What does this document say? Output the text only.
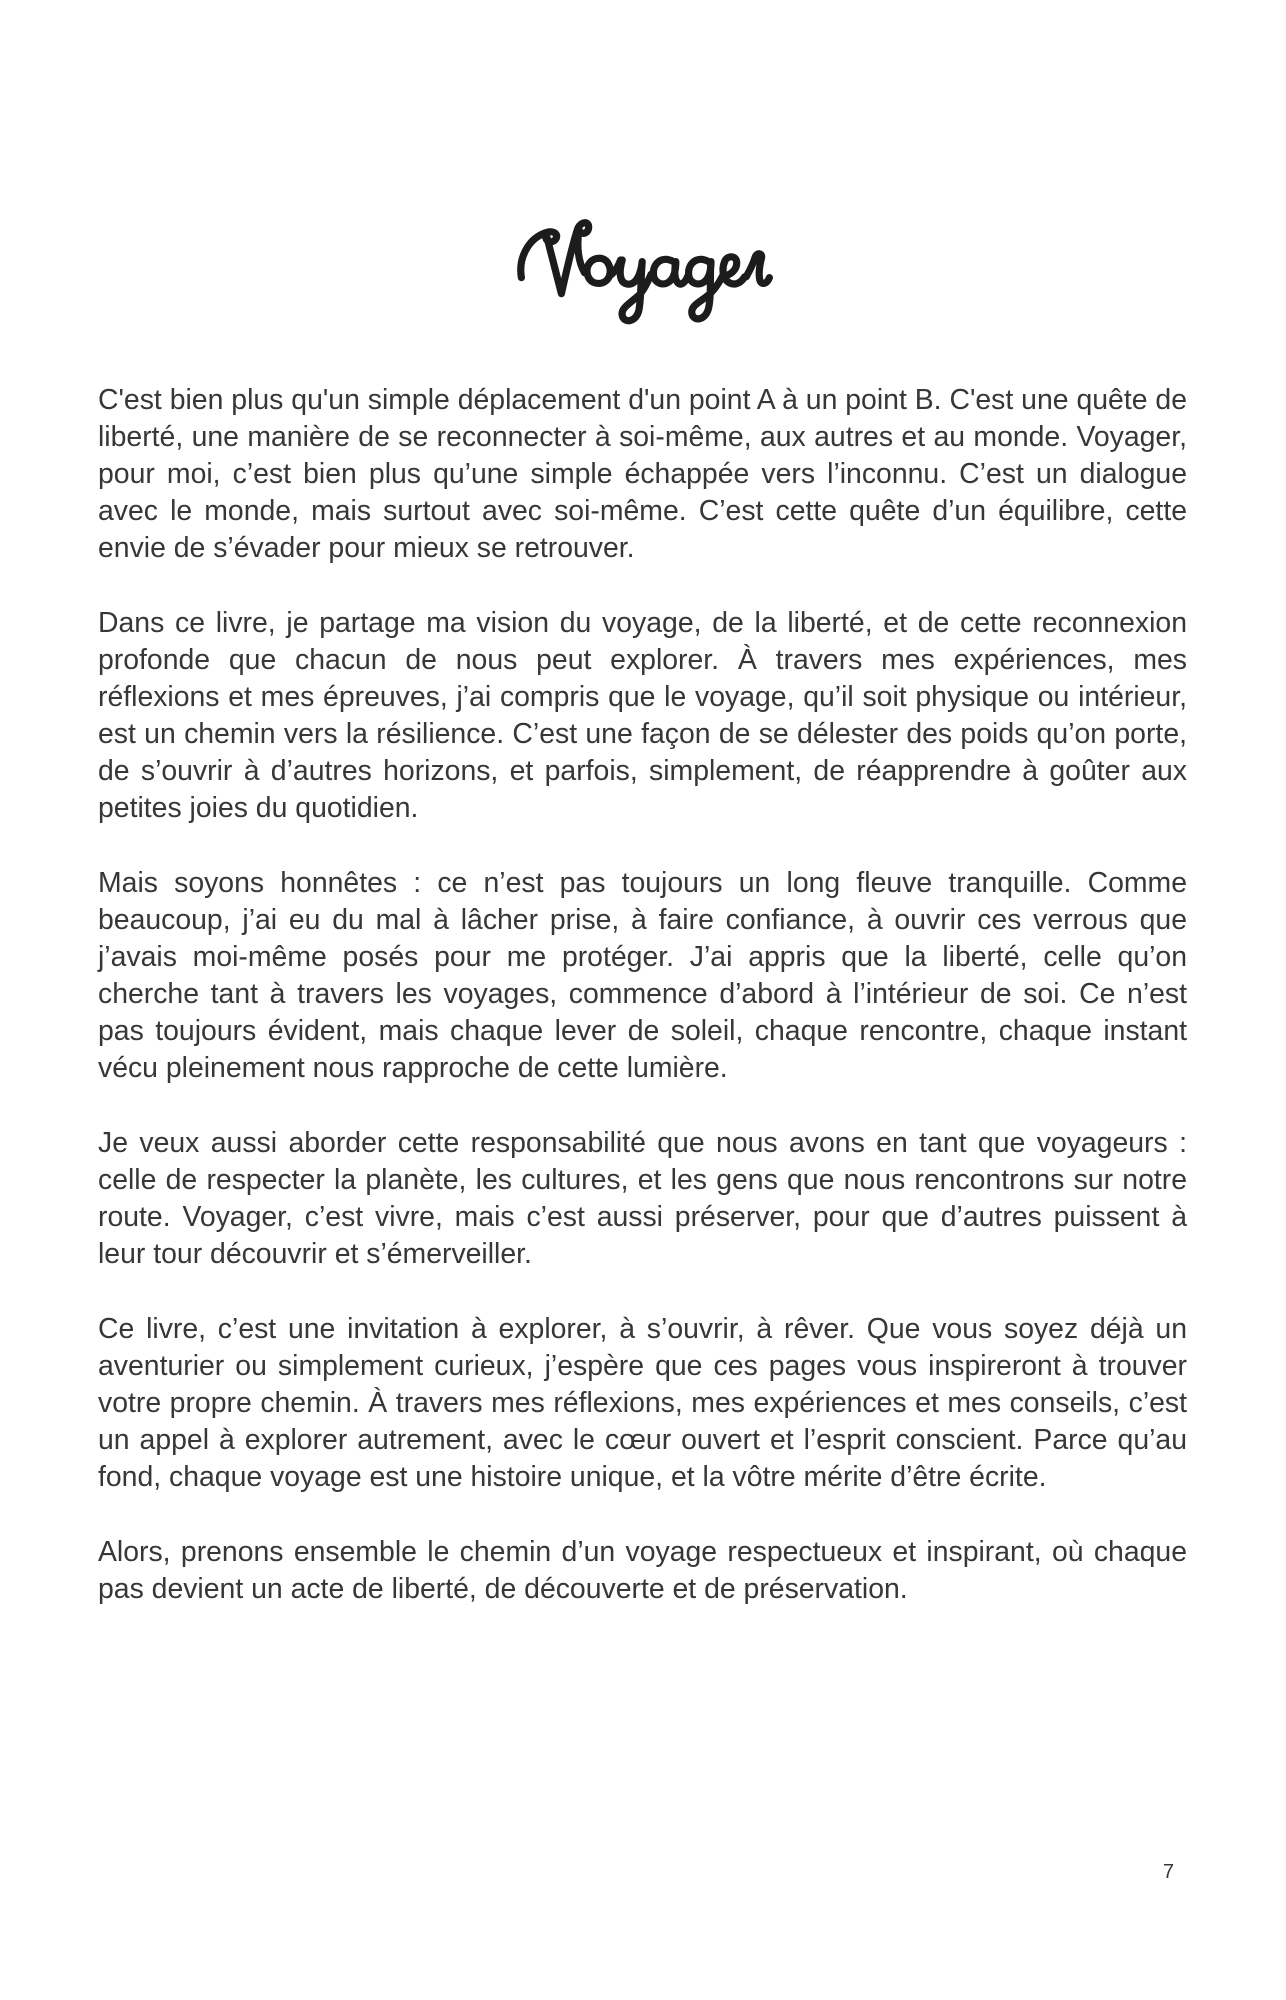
C'est bien plus qu'un simple déplacement d'un point A à un point B. C'est une quête de liberté, une manière de se reconnecter à soi-même, aux autres et au monde. Voyager, pour moi, c’est bien plus qu’une simple échappée vers l’inconnu. C’est un dialogue avec le monde, mais surtout avec soi-même. C’est cette quête d’un équilibre, cette envie de s’évader pour mieux se retrouver.

Dans ce livre, je partage ma vision du voyage, de la liberté, et de cette reconnexion profonde que chacun de nous peut explorer. À travers mes expériences, mes réflexions et mes épreuves, j’ai compris que le voyage, qu’il soit physique ou intérieur, est un chemin vers la résilience. C’est une façon de se délester des poids qu’on porte, de s’ouvrir à d’autres horizons, et parfois, simplement, de réapprendre à goûter aux petites joies du quotidien.

Mais soyons honnêtes : ce n’est pas toujours un long fleuve tranquille. Comme beaucoup, j’ai eu du mal à lâcher prise, à faire confiance, à ouvrir ces verrous que j’avais moi-même posés pour me protéger. J’ai appris que la liberté, celle qu’on cherche tant à travers les voyages, commence d’abord à l’intérieur de soi. Ce n’est pas toujours évident, mais chaque lever de soleil, chaque rencontre, chaque instant vécu pleinement nous rapproche de cette lumière.

Je veux aussi aborder cette responsabilité que nous avons en tant que voyageurs : celle de respecter la planète, les cultures, et les gens que nous rencontrons sur notre route. Voyager, c’est vivre, mais c’est aussi préserver, pour que d’autres puissent à leur tour découvrir et s’émerveiller.

Ce livre, c’est une invitation à explorer, à s’ouvrir, à rêver. Que vous soyez déjà un aventurier ou simplement curieux, j’espère que ces pages vous inspireront à trouver votre propre chemin. À travers mes réflexions, mes expériences et mes conseils, c’est un appel à explorer autrement, avec le cœur ouvert et l’esprit conscient. Parce qu’au fond, chaque voyage est une histoire unique, et la vôtre mérite d’être écrite.

Alors, prenons ensemble le chemin d’un voyage respectueux et inspirant, où chaque pas devient un acte de liberté, de découverte et de préservation.

7
